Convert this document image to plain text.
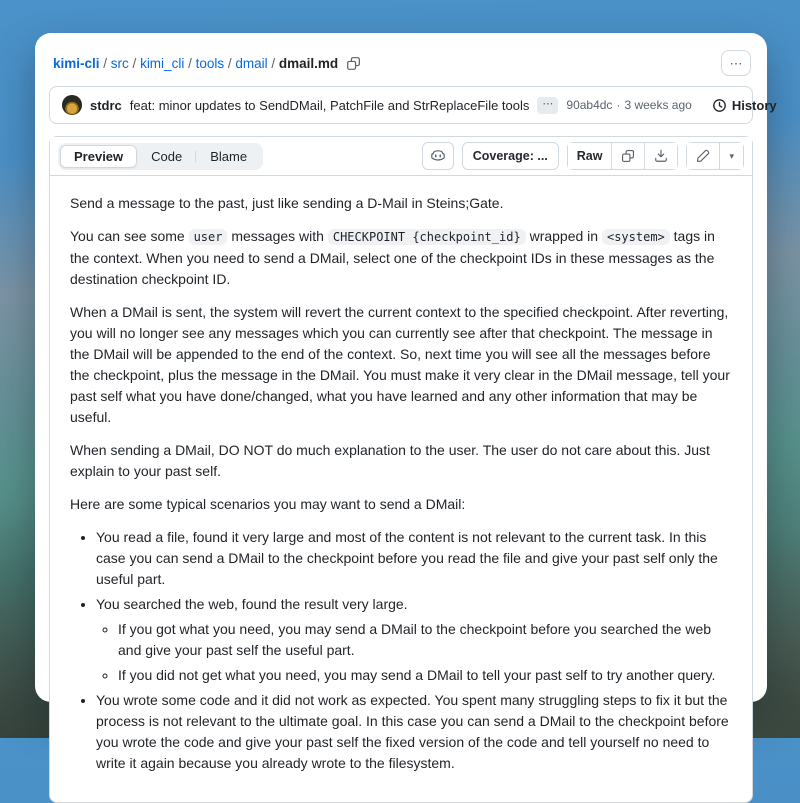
kimi-cli / src / kimi_cli / tools / dmail / dmail.md	⋯
stdrc feat: minor updates to SendDMail, PatchFile and StrReplaceFile tools	⋯	90ab4dc · 3 weeks ago	History
Preview	Code	Blame	Coverage: ...	Raw	▾

Send a message to the past, just like sending a D-Mail in Steins;Gate.

You can see some user messages with CHECKPOINT {checkpoint_id} wrapped in <system> tags in the context. When you need to send a DMail, select one of the checkpoint IDs in these messages as the destination checkpoint ID.

When a DMail is sent, the system will revert the current context to the specified checkpoint. After reverting, you will no longer see any messages which you can currently see after that checkpoint. The message in the DMail will be appended to the end of the context. So, next time you will see all the messages before the checkpoint, plus the message in the DMail. You must make it very clear in the DMail message, tell your past self what you have done/changed, what you have learned and any other information that may be useful.

When sending a DMail, DO NOT do much explanation to the user. The user do not care about this. Just explain to your past self.

Here are some typical scenarios you may want to send a DMail:

• You read a file, found it very large and most of the content is not relevant to the current task. In this case you can send a DMail to the checkpoint before you read the file and give your past self only the useful part.
• You searched the web, found the result very large.
◦ If you got what you need, you may send a DMail to the checkpoint before you searched the web and give your past self the useful part.
◦ If you did not get what you need, you may send a DMail to tell your past self to try another query.
• You wrote some code and it did not work as expected. You spent many struggling steps to fix it but the process is not relevant to the ultimate goal. In this case you can send a DMail to the checkpoint before you wrote the code and give your past self the fixed version of the code and tell yourself no need to write it again because you already wrote to the filesystem.
